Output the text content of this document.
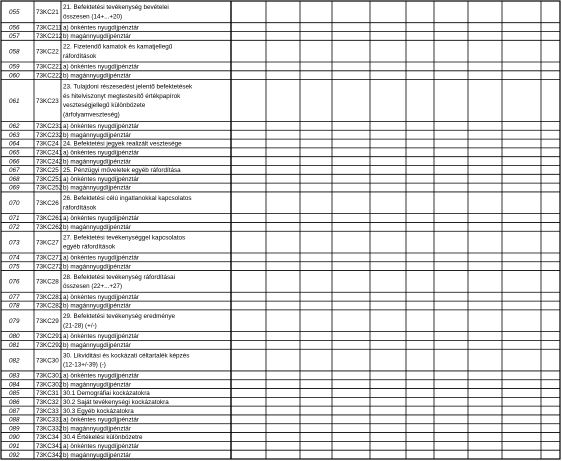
055	73KC21
21. Befektetési tevékenység bevételei
összesen (14+...+20)
056	73KC211 a) önkéntes nyugdíjpénztár
057	73KC212 b) magánnyugdíjpénztár
058	73KC22
22. Fizetendő kamatok és kamatjellegű
ráfordítások
059	73KC221 a) önkéntes nyugdíjpénztár
060	73KC222 b) magánnyugdíjpénztár
061	73KC23
23. Tulajdoni részesedést jelentő befektetések
és hitelviszonyt megtestesítő értékpapírok
veszteségjellegű különbözete
(árfolyamveszteség)
062	73KC231 a) önkéntes nyugdíjpénztár
063	73KC232 b) magánnyugdíjpénztár
064	73KC24 24. Befektetési jegyek realizált vesztesége
065	73KC241 a) önkéntes nyugdíjpénztár
066	73KC242 b) magánnyugdíjpénztár
067	73KC25 25. Pénzügyi műveletek egyéb ráfordítása
068	73KC251 a) önkéntes nyugdíjpénztár
069	73KC252 b) magánnyugdíjpénztár
070	73KC26
26. Befektetési célú ingatlanokkal kapcsolatos
ráfordítások
071	73KC261 a) önkéntes nyugdíjpénztár
072	73KC262 b) magánnyugdíjpénztár
073	73KC27
27. Befektetési tevékenységgel kapcsolatos
egyéb ráfordítások
074	73KC271 a) önkéntes nyugdíjpénztár
075	73KC272 b) magánnyugdíjpénztár
076	73KC28
28. Befektetési tevékenység ráfordításai
összesen (22+...+27)
077	73KC281 a) önkéntes nyugdíjpénztár
078	73KC282 b) magánnyugdíjpénztár
079	73KC29
29. Befektetési tevékenység eredménye
(21-28) (+/-)
080	73KC291 a) önkéntes nyugdíjpénztár
081	73KC292 b) magánnyugdíjpénztár
082	73KC30
30. Likviditási és kockázati céltartalék képzés
(12-13+/-39) (-)
083	73KC301 a) önkéntes nyugdíjpénztár
084	73KC302 b) magánnyugdíjpénztár
085	73KC31 30.1 Demográfiai kockázatokra
086	73KC32 30.2 Saját tevékenységi kockázatokra
087	73KC33 30.3 Egyéb kockázatokra
088	73KC331 a) önkéntes nyugdíjpénztár
089	73KC332 b) magánnyugdíjpénztár
090	73KC34 30.4 Értékelési különbözetre
091	73KC341 a) önkéntes nyugdíjpénztár
092	73KC342 b) magánnyugdíjpénztár
